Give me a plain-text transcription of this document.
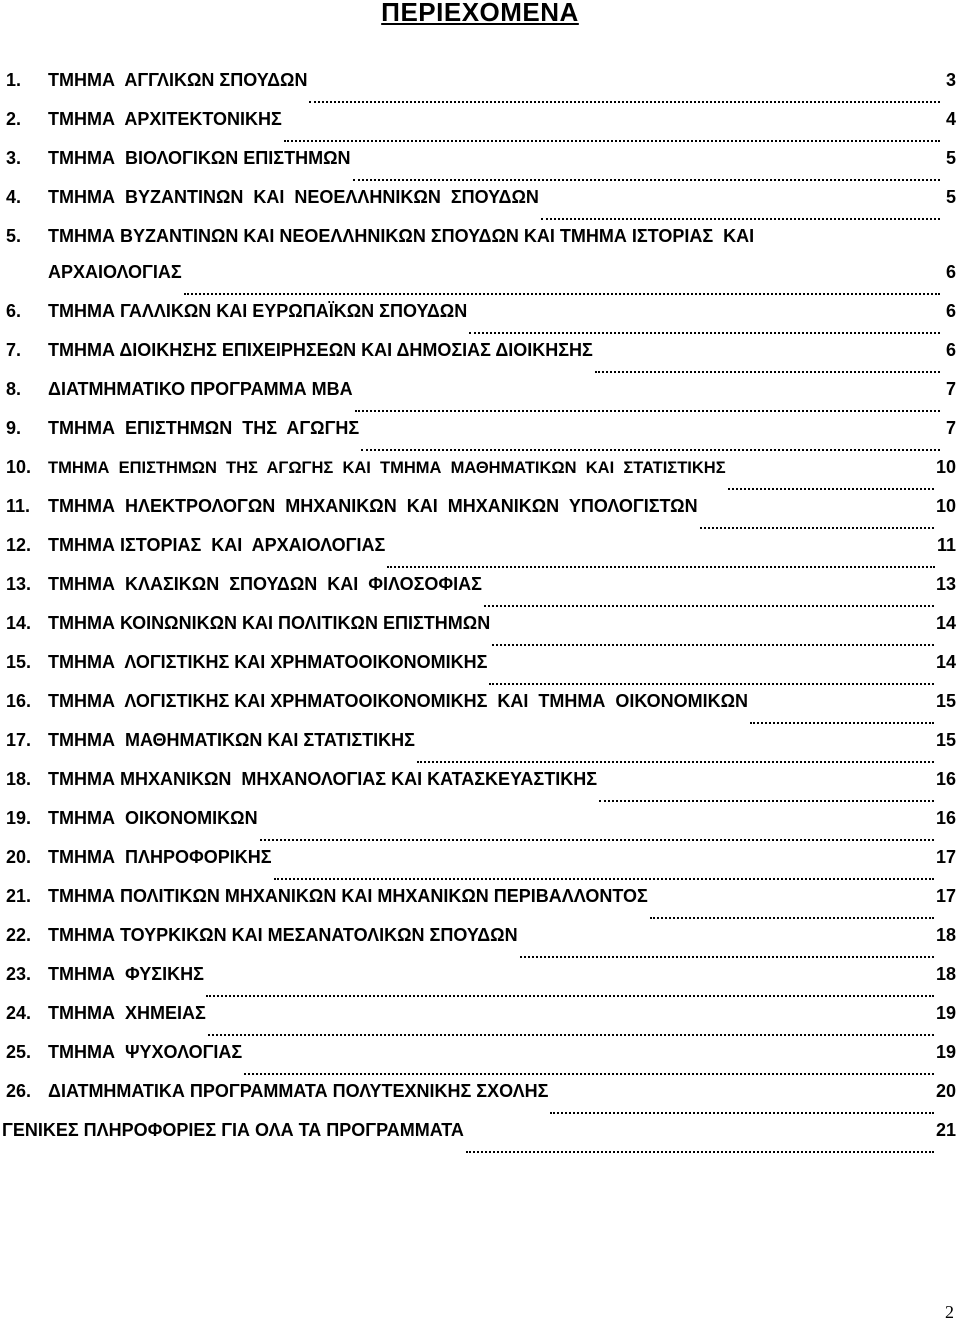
ΠΕΡΙΕΧΟΜΕΝΑ
1.	ΤΜΗΜΑ  ΑΓΓΛΙΚΩΝ ΣΠΟΥΔΩΝ	3
2.	ΤΜΗΜΑ  ΑΡΧΙΤΕΚΤΟΝΙΚΗΣ	4
3.	ΤΜΗΜΑ  ΒΙΟΛΟΓΙΚΩΝ ΕΠΙΣΤΗΜΩΝ	5
4.	ΤΜΗΜΑ  ΒΥΖΑΝΤΙΝΩΝ  ΚΑΙ  ΝΕΟΕΛΛΗΝΙΚΩΝ  ΣΠΟΥΔΩΝ	5
5.	ΤΜΗΜΑ ΒΥΖΑΝΤΙΝΩΝ ΚΑΙ ΝΕΟΕΛΛΗΝΙΚΩΝ ΣΠΟΥΔΩΝ ΚΑΙ ΤΜΗΜΑ ΙΣΤΟΡΙΑΣ  ΚΑΙ
ΑΡΧΑΙΟΛΟΓΙΑΣ	6
6.	ΤΜΗΜΑ ΓΑΛΛΙΚΩΝ ΚΑΙ ΕΥΡΩΠΑΪΚΩΝ ΣΠΟΥΔΩΝ	6
7.	ΤΜΗΜΑ ΔΙΟΙΚΗΣΗΣ ΕΠΙΧΕΙΡΗΣΕΩΝ ΚΑΙ ΔΗΜΟΣΙΑΣ ΔΙΟΙΚΗΣΗΣ	6
8.	ΔΙΑΤΜΗΜΑΤΙΚΟ ΠΡΟΓΡΑΜΜΑ MBA	7
9.	ΤΜΗΜΑ  ΕΠΙΣΤΗΜΩΝ  ΤΗΣ  ΑΓΩΓΗΣ	7
10.	ΤΜΗΜΑ  ΕΠΙΣΤΗΜΩΝ  ΤΗΣ  ΑΓΩΓΗΣ  ΚΑΙ  ΤΜΗΜΑ  ΜΑΘΗΜΑΤΙΚΩΝ  ΚΑΙ  ΣΤΑΤΙΣΤΙΚΗΣ	10
11. ΤΜΗΜΑ  ΗΛΕΚΤΡΟΛΟΓΩΝ  ΜΗΧΑΝΙΚΩΝ  ΚΑΙ  ΜΗΧΑΝΙΚΩΝ  ΥΠΟΛΟΓΙΣΤΩΝ	10
12. ΤΜΗΜΑ ΙΣΤΟΡΙΑΣ  ΚΑΙ  ΑΡΧΑΙΟΛΟΓΙΑΣ	11
13. ΤΜΗΜΑ  ΚΛΑΣΙΚΩΝ  ΣΠΟΥΔΩΝ  ΚΑΙ  ΦΙΛΟΣΟΦΙΑΣ	13
14. ΤΜΗΜΑ ΚΟΙΝΩΝΙΚΩΝ ΚΑΙ ΠΟΛΙΤΙΚΩΝ ΕΠΙΣΤΗΜΩΝ	14
15. ΤΜΗΜΑ  ΛΟΓΙΣΤΙΚΗΣ ΚΑΙ ΧΡΗΜΑΤΟΟΙΚΟΝΟΜΙΚΗΣ	14
16. ΤΜΗΜΑ  ΛΟΓΙΣΤΙΚΗΣ ΚΑΙ ΧΡΗΜΑΤΟΟΙΚΟΝΟΜΙΚΗΣ  ΚΑΙ  ΤΜΗΜΑ  ΟΙΚΟΝΟΜΙΚΩΝ	15
17. ΤΜΗΜΑ  ΜΑΘΗΜΑΤΙΚΩΝ ΚΑΙ ΣΤΑΤΙΣΤΙΚΗΣ	15
18. ΤΜΗΜΑ ΜΗΧΑΝΙΚΩΝ  ΜΗΧΑΝΟΛΟΓΙΑΣ ΚΑΙ ΚΑΤΑΣΚΕΥΑΣΤΙΚΗΣ	16
19. ΤΜΗΜΑ  ΟΙΚΟΝΟΜΙΚΩΝ	16
20. ΤΜΗΜΑ  ΠΛΗΡΟΦΟΡΙΚΗΣ	17
21. ΤΜΗΜΑ ΠΟΛΙΤΙΚΩΝ ΜΗΧΑΝΙΚΩΝ ΚΑΙ ΜΗΧΑΝΙΚΩΝ ΠΕΡΙΒΑΛΛΟΝΤΟΣ	17
22. ΤΜΗΜΑ ΤΟΥΡΚΙΚΩΝ ΚΑΙ ΜΕΣΑΝΑΤΟΛΙΚΩΝ ΣΠΟΥΔΩΝ	18
23. ΤΜΗΜΑ  ΦΥΣΙΚΗΣ	18
24. ΤΜΗΜΑ  ΧΗΜΕΙΑΣ	19
25. ΤΜΗΜΑ  ΨΥΧΟΛΟΓΙΑΣ	19
26. ΔΙΑΤΜΗΜΑΤΙΚΑ ΠΡΟΓΡΑΜΜΑΤΑ ΠΟΛΥΤΕΧΝΙΚΗΣ ΣΧΟΛΗΣ	20
ΓΕΝΙΚΕΣ ΠΛΗΡΟΦΟΡΙΕΣ ΓΙΑ ΟΛΑ ΤΑ ΠΡΟΓΡΑΜΜΑΤΑ	21
2
